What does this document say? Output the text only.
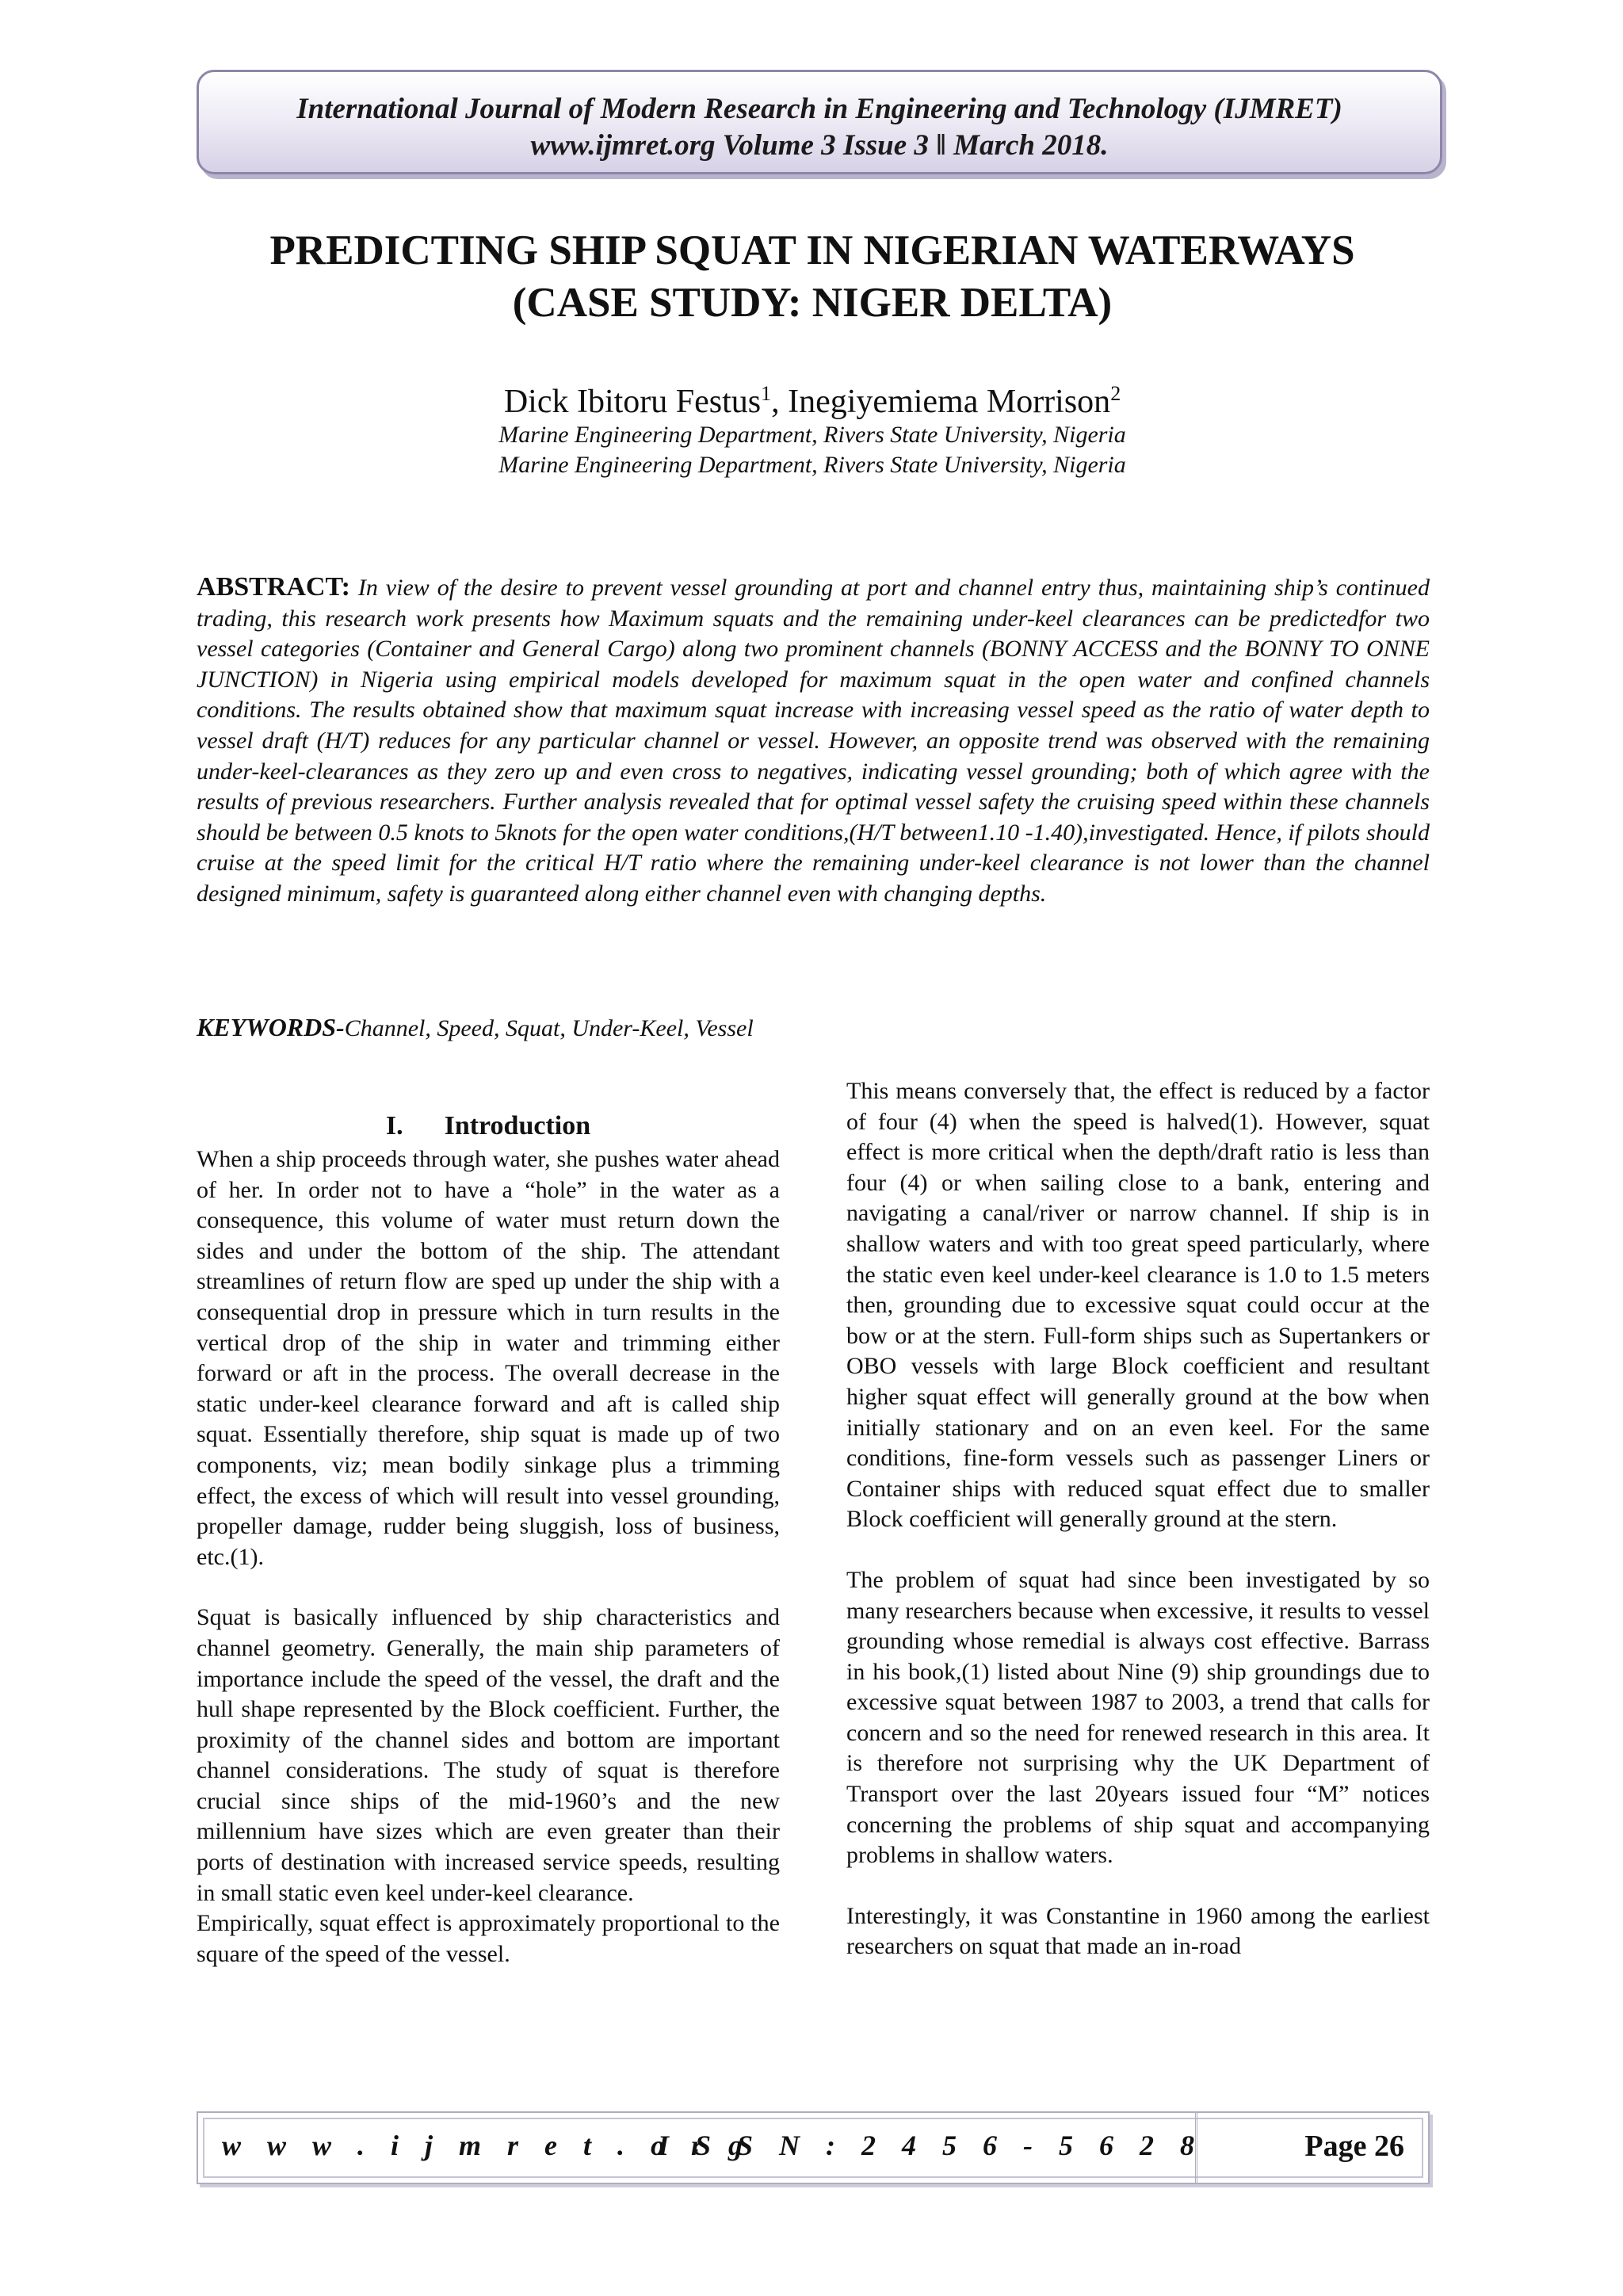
International Journal of Modern Research in Engineering and Technology (IJMRET)
www.ijmret.org Volume 3 Issue 3 ǁ March 2018.
PREDICTING SHIP SQUAT IN NIGERIAN WATERWAYS
(CASE STUDY: NIGER DELTA)
Dick Ibitoru Festus$^1$, Inegiyemiema Morrison$^2$
Marine Engineering Department, Rivers State University, Nigeria
Marine Engineering Department, Rivers State University, Nigeria
ABSTRACT: In view of the desire to prevent vessel grounding at port and channel entry thus, maintaining ship’s continued trading, this research work presents how Maximum squats and the remaining under-keel clearances can be predictedfor two vessel categories (Container and General Cargo) along two prominent channels (BONNY ACCESS and the BONNY TO ONNE JUNCTION) in Nigeria using empirical models developed for maximum squat in the open water and confined channels conditions. The results obtained show that maximum squat increase with increasing vessel speed as the ratio of water depth to vessel draft (H/T) reduces for any particular channel or vessel. However, an opposite trend was observed with the remaining under-keel-clearances as they zero up and even cross to negatives, indicating vessel grounding; both of which agree with the results of previous researchers. Further analysis revealed that for optimal vessel safety the cruising speed within these channels should be between 0.5 knots to 5knots for the open water conditions,(H/T between1.10 -1.40),investigated. Hence, if pilots should cruise at the speed limit for the critical H/T ratio where the remaining under-keel clearance is not lower than the channel designed minimum, safety is guaranteed along either channel even with changing depths.
KEYWORDS-Channel, Speed, Squat, Under-Keel, Vessel
I. Introduction

When a ship proceeds through water, she pushes water ahead of her. In order not to have a “hole” in the water as a consequence, this volume of water must return down the sides and under the bottom of the ship. The attendant streamlines of return flow are sped up under the ship with a consequential drop in pressure which in turn results in the vertical drop of the ship in water and trimming either forward or aft in the process. The overall decrease in the static under-keel clearance forward and aft is called ship squat. Essentially therefore, ship squat is made up of two components, viz; mean bodily sinkage plus a trimming effect, the excess of which will result into vessel grounding, propeller damage, rudder being sluggish, loss of business, etc.(1).

Squat is basically influenced by ship characteristics and channel geometry. Generally, the main ship parameters of importance include the speed of the vessel, the draft and the hull shape represented by the Block coefficient. Further, the proximity of the channel sides and bottom are important channel considerations. The study of squat is therefore crucial since ships of the mid-1960’s and the new millennium have sizes which are even greater than their ports of destination with increased service speeds, resulting in small static even keel under-keel clearance.

Empirically, squat effect is approximately proportional to the square of the speed of the vessel.

This means conversely that, the effect is reduced by a factor of four (4) when the speed is halved(1). However, squat effect is more critical when the depth/draft ratio is less than four (4) or when sailing close to a bank, entering and navigating a canal/river or narrow channel. If ship is in shallow waters and with too great speed particularly, where the static even keel under-keel clearance is 1.0 to 1.5 meters then, grounding due to excessive squat could occur at the bow or at the stern. Full-form ships such as Supertankers or OBO vessels with large Block coefficient and resultant higher squat effect will generally ground at the bow when initially stationary and on an even keel. For the same conditions, fine-form vessels such as passenger Liners or Container ships with reduced squat effect due to smaller Block coefficient will generally ground at the stern.

The problem of squat had since been investigated by so many researchers because when excessive, it results to vessel grounding whose remedial is always cost effective. Barrass in his book,(1) listed about Nine (9) ship groundings due to excessive squat between 1987 to 2003, a trend that calls for concern and so the need for renewed research in this area. It is therefore not surprising why the UK Department of Transport over the last 20years issued four “M” notices concerning the problems of ship squat and accompanying problems in shallow waters.

Interestingly, it was Constantine in 1960 among the earliest researchers on squat that made an in-road

w w w . i j m r e t . o r g
I S S N : 2 4 5 6 - 5 6 2 8	Page 26
